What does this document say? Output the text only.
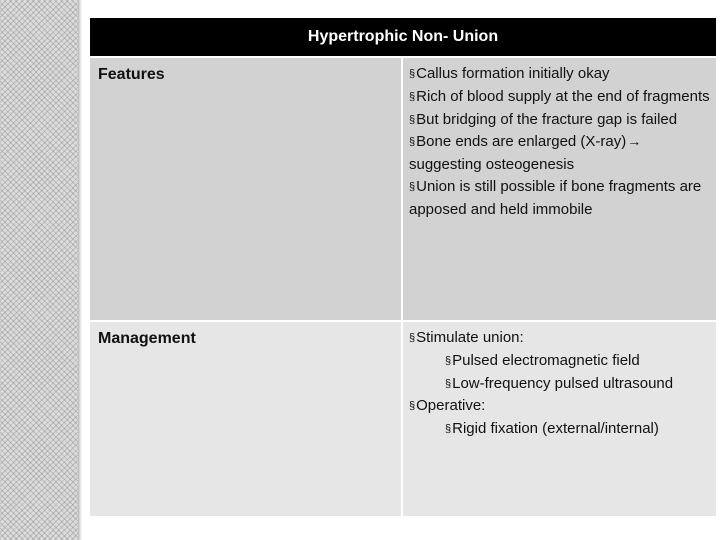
Hypertrophic Non- Union
Features	§Callus formation initially okay
§Rich of blood supply at the end of fragments
§But bridging of the fracture gap is failed
§Bone ends are enlarged (X-ray)→
suggesting osteogenesis
§Union is still possible if bone fragments are apposed and held immobile
Management	§Stimulate union:
§Pulsed electromagnetic field
§Low-frequency pulsed ultrasound
§Operative:
§Rigid fixation (external/internal)
